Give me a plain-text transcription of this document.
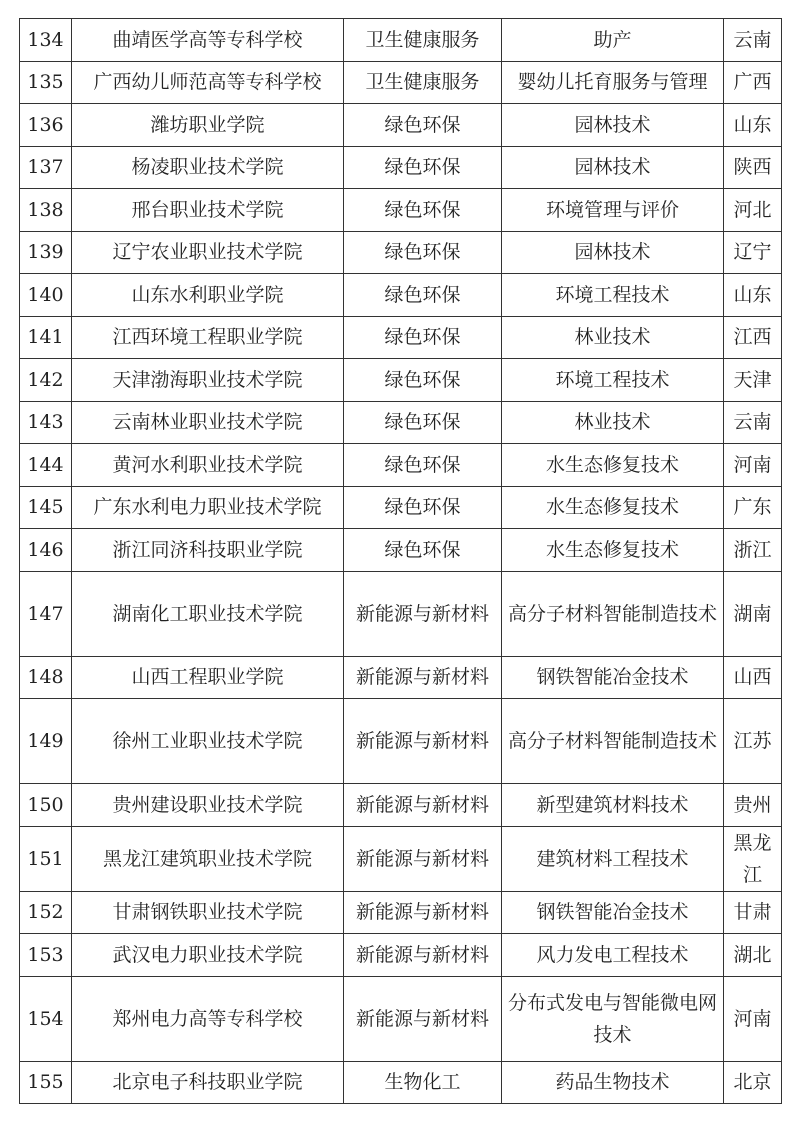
134	曲靖医学高等专科学校	卫生健康服务	助产	云南
135	广西幼儿师范高等专科学校	卫生健康服务	婴幼儿托育服务与管理	广西
136	潍坊职业学院	绿色环保	园林技术	山东
137	杨凌职业技术学院	绿色环保	园林技术	陕西
138	邢台职业技术学院	绿色环保	环境管理与评价	河北
139	辽宁农业职业技术学院	绿色环保	园林技术	辽宁
140	山东水利职业学院	绿色环保	环境工程技术	山东
141	江西环境工程职业学院	绿色环保	林业技术	江西
142	天津渤海职业技术学院	绿色环保	环境工程技术	天津
143	云南林业职业技术学院	绿色环保	林业技术	云南
144	黄河水利职业技术学院	绿色环保	水生态修复技术	河南
145	广东水利电力职业技术学院	绿色环保	水生态修复技术	广东
146	浙江同济科技职业学院	绿色环保	水生态修复技术	浙江
147	湖南化工职业技术学院	新能源与新材料	高分子材料智能制造技术	湖南
148	山西工程职业学院	新能源与新材料	钢铁智能冶金技术	山西
149	徐州工业职业技术学院	新能源与新材料	高分子材料智能制造技术	江苏
150	贵州建设职业技术学院	新能源与新材料	新型建筑材料技术	贵州
151	黑龙江建筑职业技术学院	新能源与新材料	建筑材料工程技术	黑龙江
152	甘肃钢铁职业技术学院	新能源与新材料	钢铁智能冶金技术	甘肃
153	武汉电力职业技术学院	新能源与新材料	风力发电工程技术	湖北
154	郑州电力高等专科学校	新能源与新材料	分布式发电与智能微电网技术	河南
155	北京电子科技职业学院	生物化工	药品生物技术	北京
